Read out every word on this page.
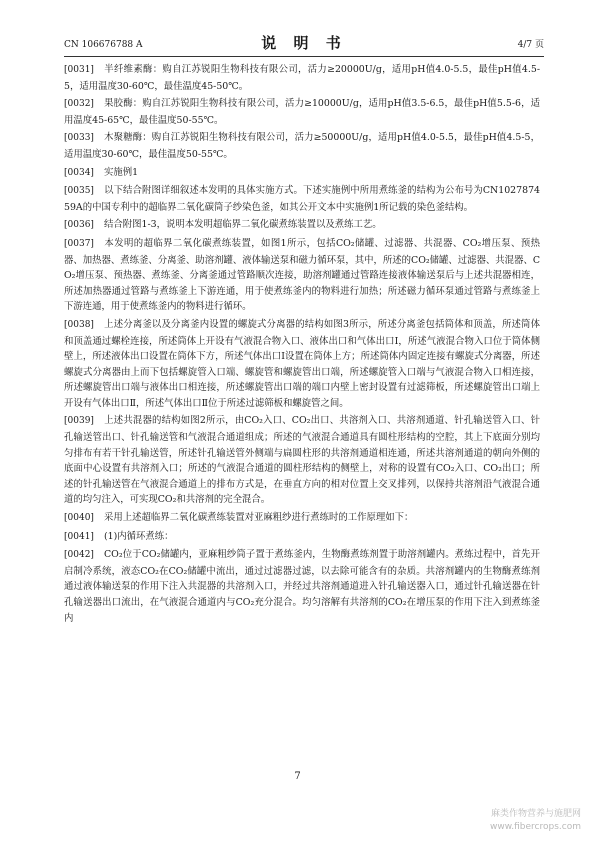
CN 106676788 A	说 明 书	4/7 页

[0031] 半纤维素酶：购自江苏锐阳生物科技有限公司，活力≥20000U/g，适用pH值4.0-5.5，最佳pH值4.5-5，适用温度30-60℃，最佳温度45-50℃。

[0032] 果胶酶：购自江苏锐阳生物科技有限公司，活力≥10000U/g，适用pH值3.5-6.5，最佳pH值5.5-6，适用温度45-65℃，最佳温度50-55℃。

[0033] 木聚糖酶：购自江苏锐阳生物科技有限公司，活力≥50000U/g，适用pH值4.0-5.5，最佳pH值4.5-5，适用温度30-60℃，最佳温度50-55℃。

[0034] 实施例1

[0035] 以下结合附图详细叙述本发明的具体实施方式。下述实施例中所用煮练釜的结构为公布号为CN102787459A的中国专利中的超临界二氧化碳筒子纱染色釜，如其公开文本中实施例1所记载的染色釜结构。

[0036] 结合附图1-3，说明本发明超临界二氧化碳煮练装置以及煮练工艺。

[0037] 本发明的超临界二氧化碳煮练装置，如图1所示，包括CO₂储罐、过滤器、共混器、CO₂增压泵、预热器、加热器、煮练釜、分离釜、助溶剂罐、液体输送泵和磁力循环泵，其中，所述的CO₂储罐、过滤器、共混器、CO₂增压泵、预热器、煮练釜、分离釜通过管路顺次连接，助溶剂罐通过管路连接液体输送泵后与上述共混器相连，所述加热器通过管路与煮练釜上下游连通，用于使煮练釜内的物料进行加热；所述磁力循环泵通过管路与煮练釜上下游连通，用于使煮练釜内的物料进行循环。

[0038] 上述分离釜以及分离釜内设置的螺旋式分离器的结构如图3所示，所述分离釜包括筒体和顶盖，所述筒体和顶盖通过螺栓连接，所述筒体上开设有气液混合物入口、液体出口和气体出口Ⅰ，所述气液混合物入口位于筒体侧壁上，所述液体出口设置在筒体下方，所述气体出口Ⅰ设置在筒体上方；所述筒体内固定连接有螺旋式分离器，所述螺旋式分离器由上而下包括螺旋管入口端、螺旋管和螺旋管出口端，所述螺旋管入口端与气液混合物入口相连接，所述螺旋管出口端与液体出口相连接，所述螺旋管出口端的端口内壁上密封设置有过滤筛板，所述螺旋管出口端上开设有气体出口Ⅱ，所述气体出口Ⅱ位于所述过滤筛板和螺旋管之间。

[0039] 上述共混器的结构如图2所示，由CO₂入口、CO₂出口、共溶剂入口、共溶剂通道、针孔输送管入口、针孔输送管出口、针孔输送管和气液混合通道组成；所述的气液混合通道具有圆柱形结构的空腔，其上下底面分别均匀排布有若干针孔输送管，所述针孔输送管外侧端与扁圆柱形的共溶剂通道相连通，所述共溶剂通道的朝向外侧的底面中心设置有共溶剂入口；所述的气液混合通道的圆柱形结构的侧壁上，对称的设置有CO₂入口、CO₂出口；所述的针孔输送管在气液混合通道上的排布方式是，在垂直方向的相对位置上交叉排列，以保持共溶剂沿气液混合通道的均匀注入，可实现CO₂和共溶剂的完全混合。

[0040] 采用上述超临界二氧化碳煮练装置对亚麻粗纱进行煮练时的工作原理如下：

[0041] (1)内循环煮练：

[0042] CO₂位于CO₂储罐内，亚麻粗纱筒子置于煮练釜内，生物酶煮练剂置于助溶剂罐内。煮练过程中，首先开启制冷系统，液态CO₂在CO₂储罐中流出，通过过滤器过滤，以去除可能含有的杂质。共溶剂罐内的生物酶煮练剂通过液体输送泵的作用下注入共混器的共溶剂入口，并经过共溶剂通道进入针孔输送器入口，通过针孔输送器在针孔输送器出口流出，在气液混合通道内与CO₂充分混合。均匀溶解有共溶剂的CO₂在增压泵的作用下注入到煮练釜内

7
麻类作物营养与施肥网
www.fibercrops.com
